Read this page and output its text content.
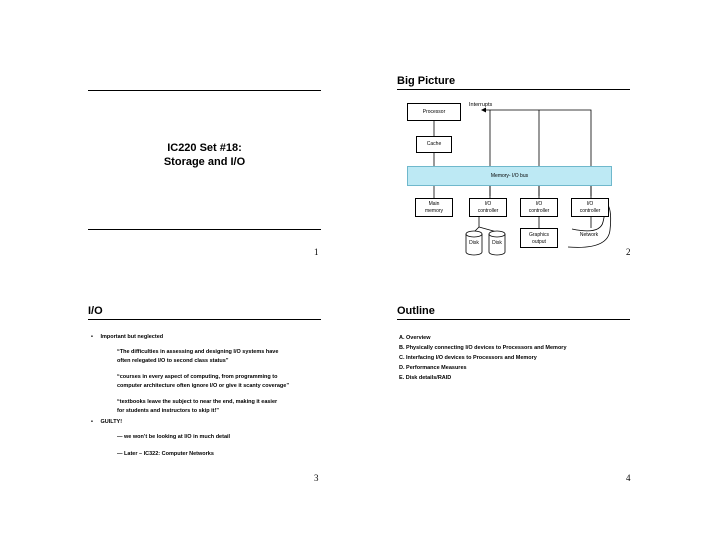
IC220 Set #18:
Storage and I/O
1
Big Picture
Interrupts
Processor
Cache
Memory- I/O bus
Main
memory
I/O
controller
I/O
controller
I/O
controller
Disk	Disk
Graphics
output
Network
2
I/O
• Important but neglected
“The difficulties in assessing and designing I/O systems have
often relegated I/O to second class status”
“courses in every aspect of computing, from programming to
computer architecture often ignore I/O or give it scanty coverage”
“textbooks leave the subject to near the end, making it easier
for students and instructors to skip it!”
• GUILTY!
— we won’t be looking at I/O in much detail
— Later – IC322: Computer Networks
3
Outline
A. Overview
B. Physically connecting I/O devices to Processors and Memory
C. Interfacing I/O devices to Processors and Memory
D. Performance Measures
E. Disk details/RAID
4
